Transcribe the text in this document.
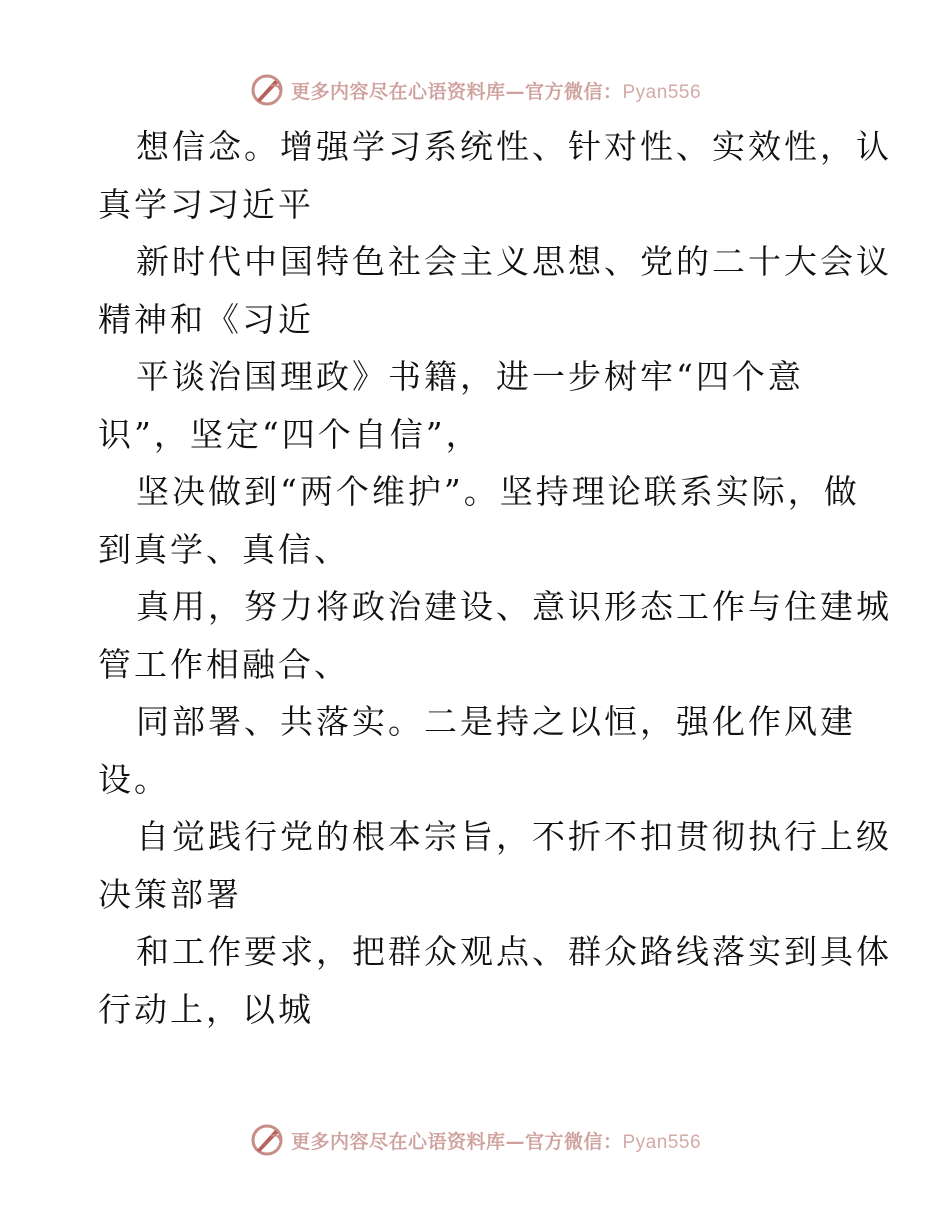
更多内容尽在心语资料库—官方微信：Pyan556
想信念。增强学习系统性、针对性、实效性，认
真学习习近平
新时代中国特色社会主义思想、党的二十大会议
精神和《习近
平谈治国理政》书籍，进一步树牢“四个意
识”，坚定“四个自信”，
坚决做到“两个维护”。坚持理论联系实际，做
到真学、真信、
真用，努力将政治建设、意识形态工作与住建城
管工作相融合、
同部署、共落实。二是持之以恒，强化作风建
设。
自觉践行党的根本宗旨，不折不扣贯彻执行上级
决策部署
和工作要求，把群众观点、群众路线落实到具体
行动上，以城
更多内容尽在心语资料库—官方微信：Pyan556
